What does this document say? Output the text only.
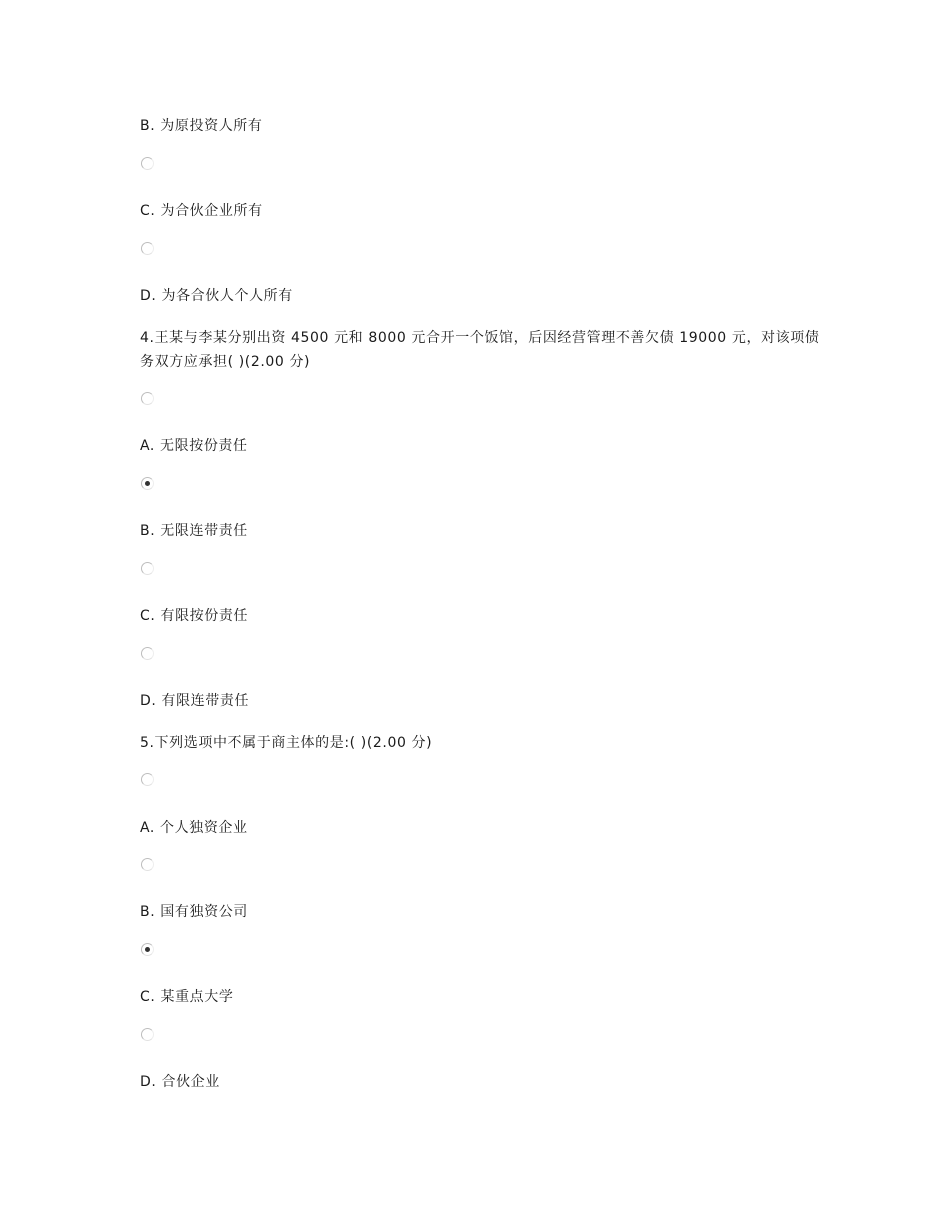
B. 为原投资人所有
C. 为合伙企业所有
D. 为各合伙人个人所有
4.王某与李某分别出资 4500 元和 8000 元合开一个饭馆，后因经营管理不善欠债 19000 元，对该项债务双方应承担( )(2.00 分)
A. 无限按份责任
B. 无限连带责任
C. 有限按份责任
D. 有限连带责任
5.下列选项中不属于商主体的是:( )(2.00 分)
A. 个人独资企业
B. 国有独资公司
C. 某重点大学
D. 合伙企业
